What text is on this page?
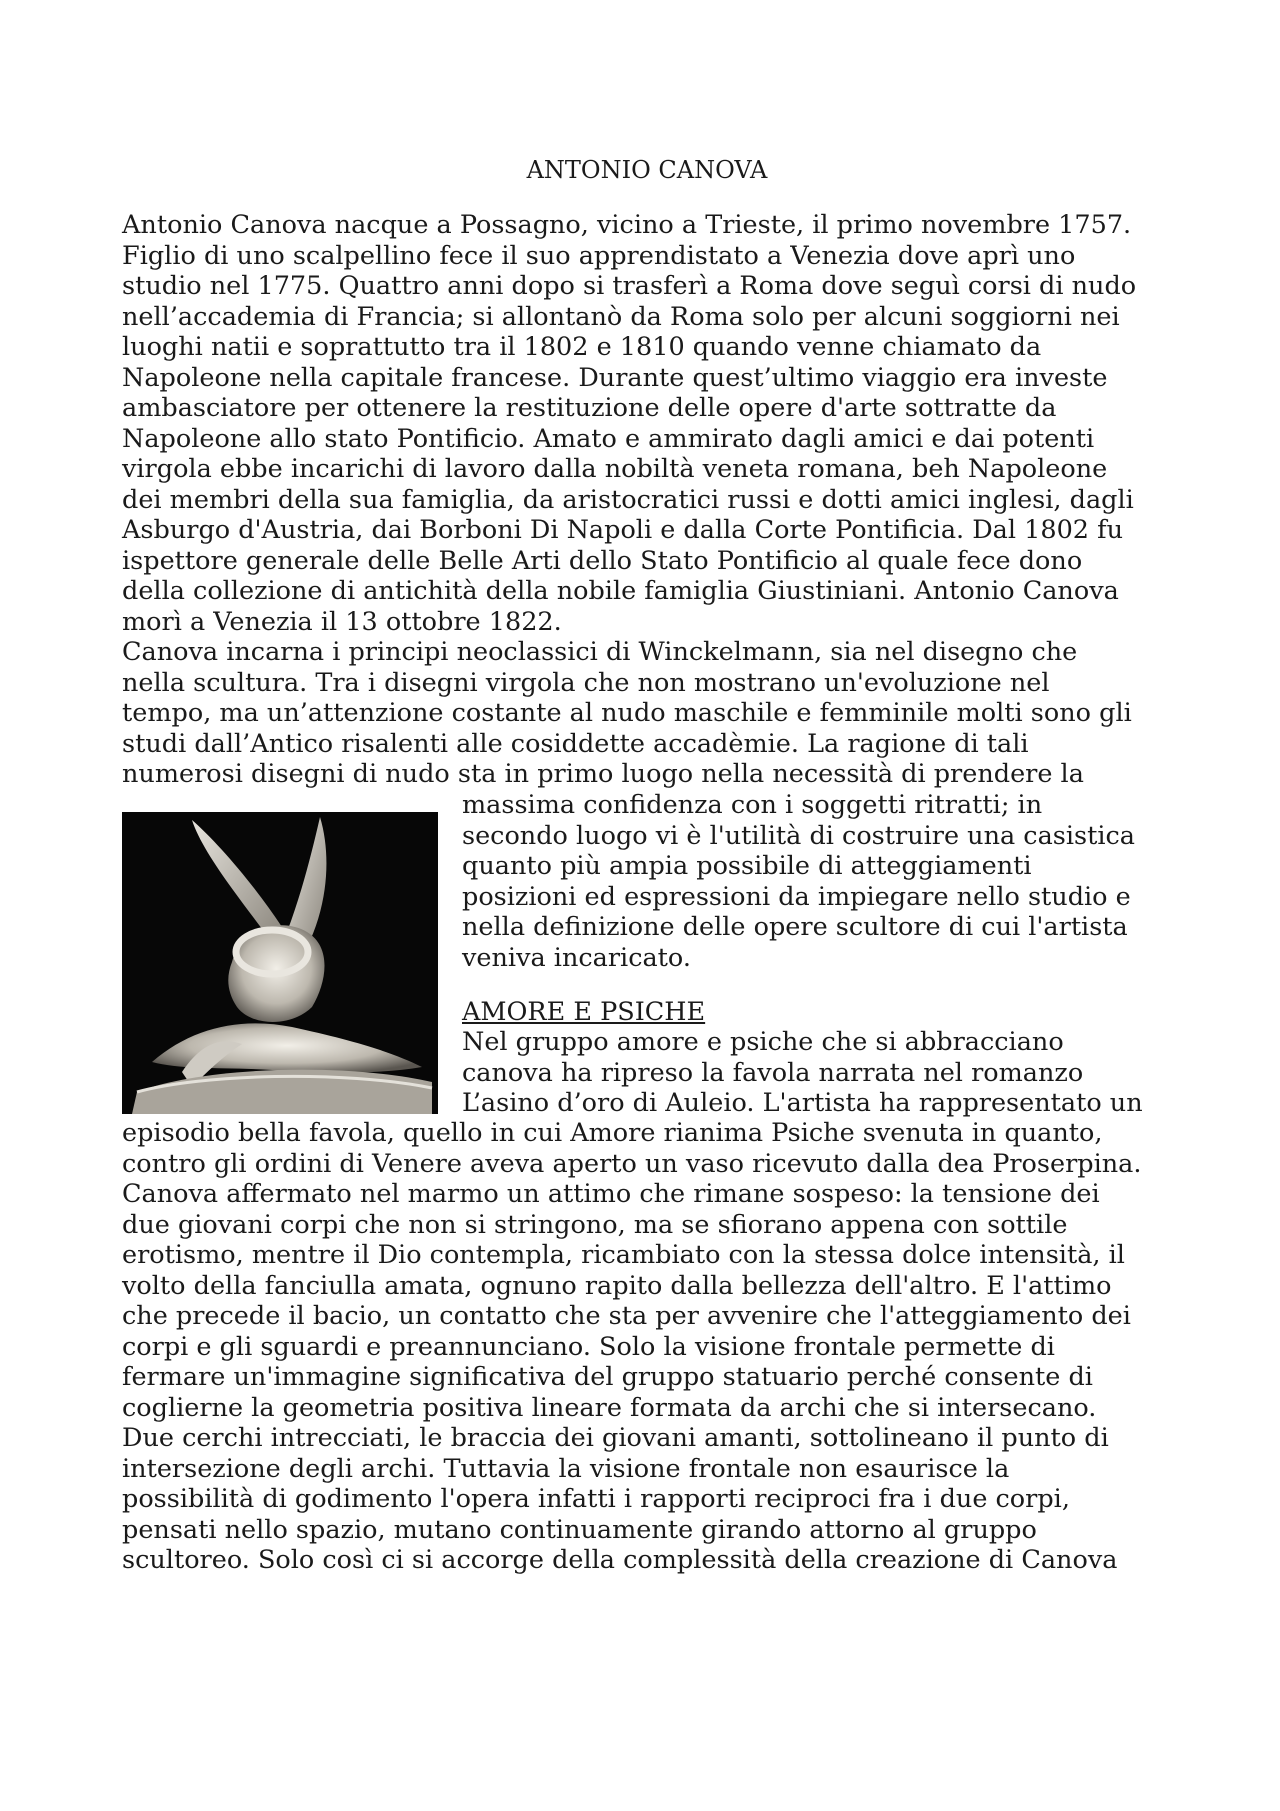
ANTONIO CANOVA
Antonio Canova nacque a Possagno, vicino a Trieste, il primo novembre 1757.
Figlio di uno scalpellino fece il suo apprendistato a Venezia dove aprì uno
studio nel 1775. Quattro anni dopo si trasferì a Roma dove seguì corsi di nudo
nell’accademia di Francia; si allontanò da Roma solo per alcuni soggiorni nei
luoghi natii e soprattutto tra il 1802 e 1810 quando venne chiamato da
Napoleone nella capitale francese. Durante quest’ultimo viaggio era investe
ambasciatore per ottenere la restituzione delle opere d'arte sottratte da
Napoleone allo stato Pontificio. Amato e ammirato dagli amici e dai potenti
virgola ebbe incarichi di lavoro dalla nobiltà veneta romana, beh Napoleone
dei membri della sua famiglia, da aristocratici russi e dotti amici inglesi, dagli
Asburgo d'Austria, dai Borboni Di Napoli e dalla Corte Pontificia. Dal 1802 fu
ispettore generale delle Belle Arti dello Stato Pontificio al quale fece dono
della collezione di antichità della nobile famiglia Giustiniani. Antonio Canova
morì a Venezia il 13 ottobre 1822.
Canova incarna i principi neoclassici di Winckelmann, sia nel disegno che
nella scultura. Tra i disegni virgola che non mostrano un'evoluzione nel
tempo, ma un’attenzione costante al nudo maschile e femminile molti sono gli
studi dall’Antico risalenti alle cosiddette accadèmie. La ragione di tali
numerosi disegni di nudo sta in primo luogo nella necessità di prendere la
massima confidenza con i soggetti ritratti; in
secondo luogo vi è l'utilità di costruire una casistica
quanto più ampia possibile di atteggiamenti
posizioni ed espressioni da impiegare nello studio e
nella definizione delle opere scultore di cui l'artista
veniva incaricato.
AMORE E PSICHE
Nel gruppo amore e psiche che si abbracciano
canova ha ripreso la favola narrata nel romanzo
L’asino d’oro di Auleio. L'artista ha rappresentato un
episodio bella favola, quello in cui Amore rianima Psiche svenuta in quanto,
contro gli ordini di Venere aveva aperto un vaso ricevuto dalla dea Proserpina.
Canova affermato nel marmo un attimo che rimane sospeso: la tensione dei
due giovani corpi che non si stringono, ma se sfiorano appena con sottile
erotismo, mentre il Dio contempla, ricambiato con la stessa dolce intensità, il
volto della fanciulla amata, ognuno rapito dalla bellezza dell'altro. E l'attimo
che precede il bacio, un contatto che sta per avvenire che l'atteggiamento dei
corpi e gli sguardi e preannunciano. Solo la visione frontale permette di
fermare un'immagine significativa del gruppo statuario perché consente di
coglierne la geometria positiva lineare formata da archi che si intersecano.
Due cerchi intrecciati, le braccia dei giovani amanti, sottolineano il punto di
intersezione degli archi. Tuttavia la visione frontale non esaurisce la
possibilità di godimento l'opera infatti i rapporti reciproci fra i due corpi,
pensati nello spazio, mutano continuamente girando attorno al gruppo
scultoreo. Solo così ci si accorge della complessità della creazione di Canova
